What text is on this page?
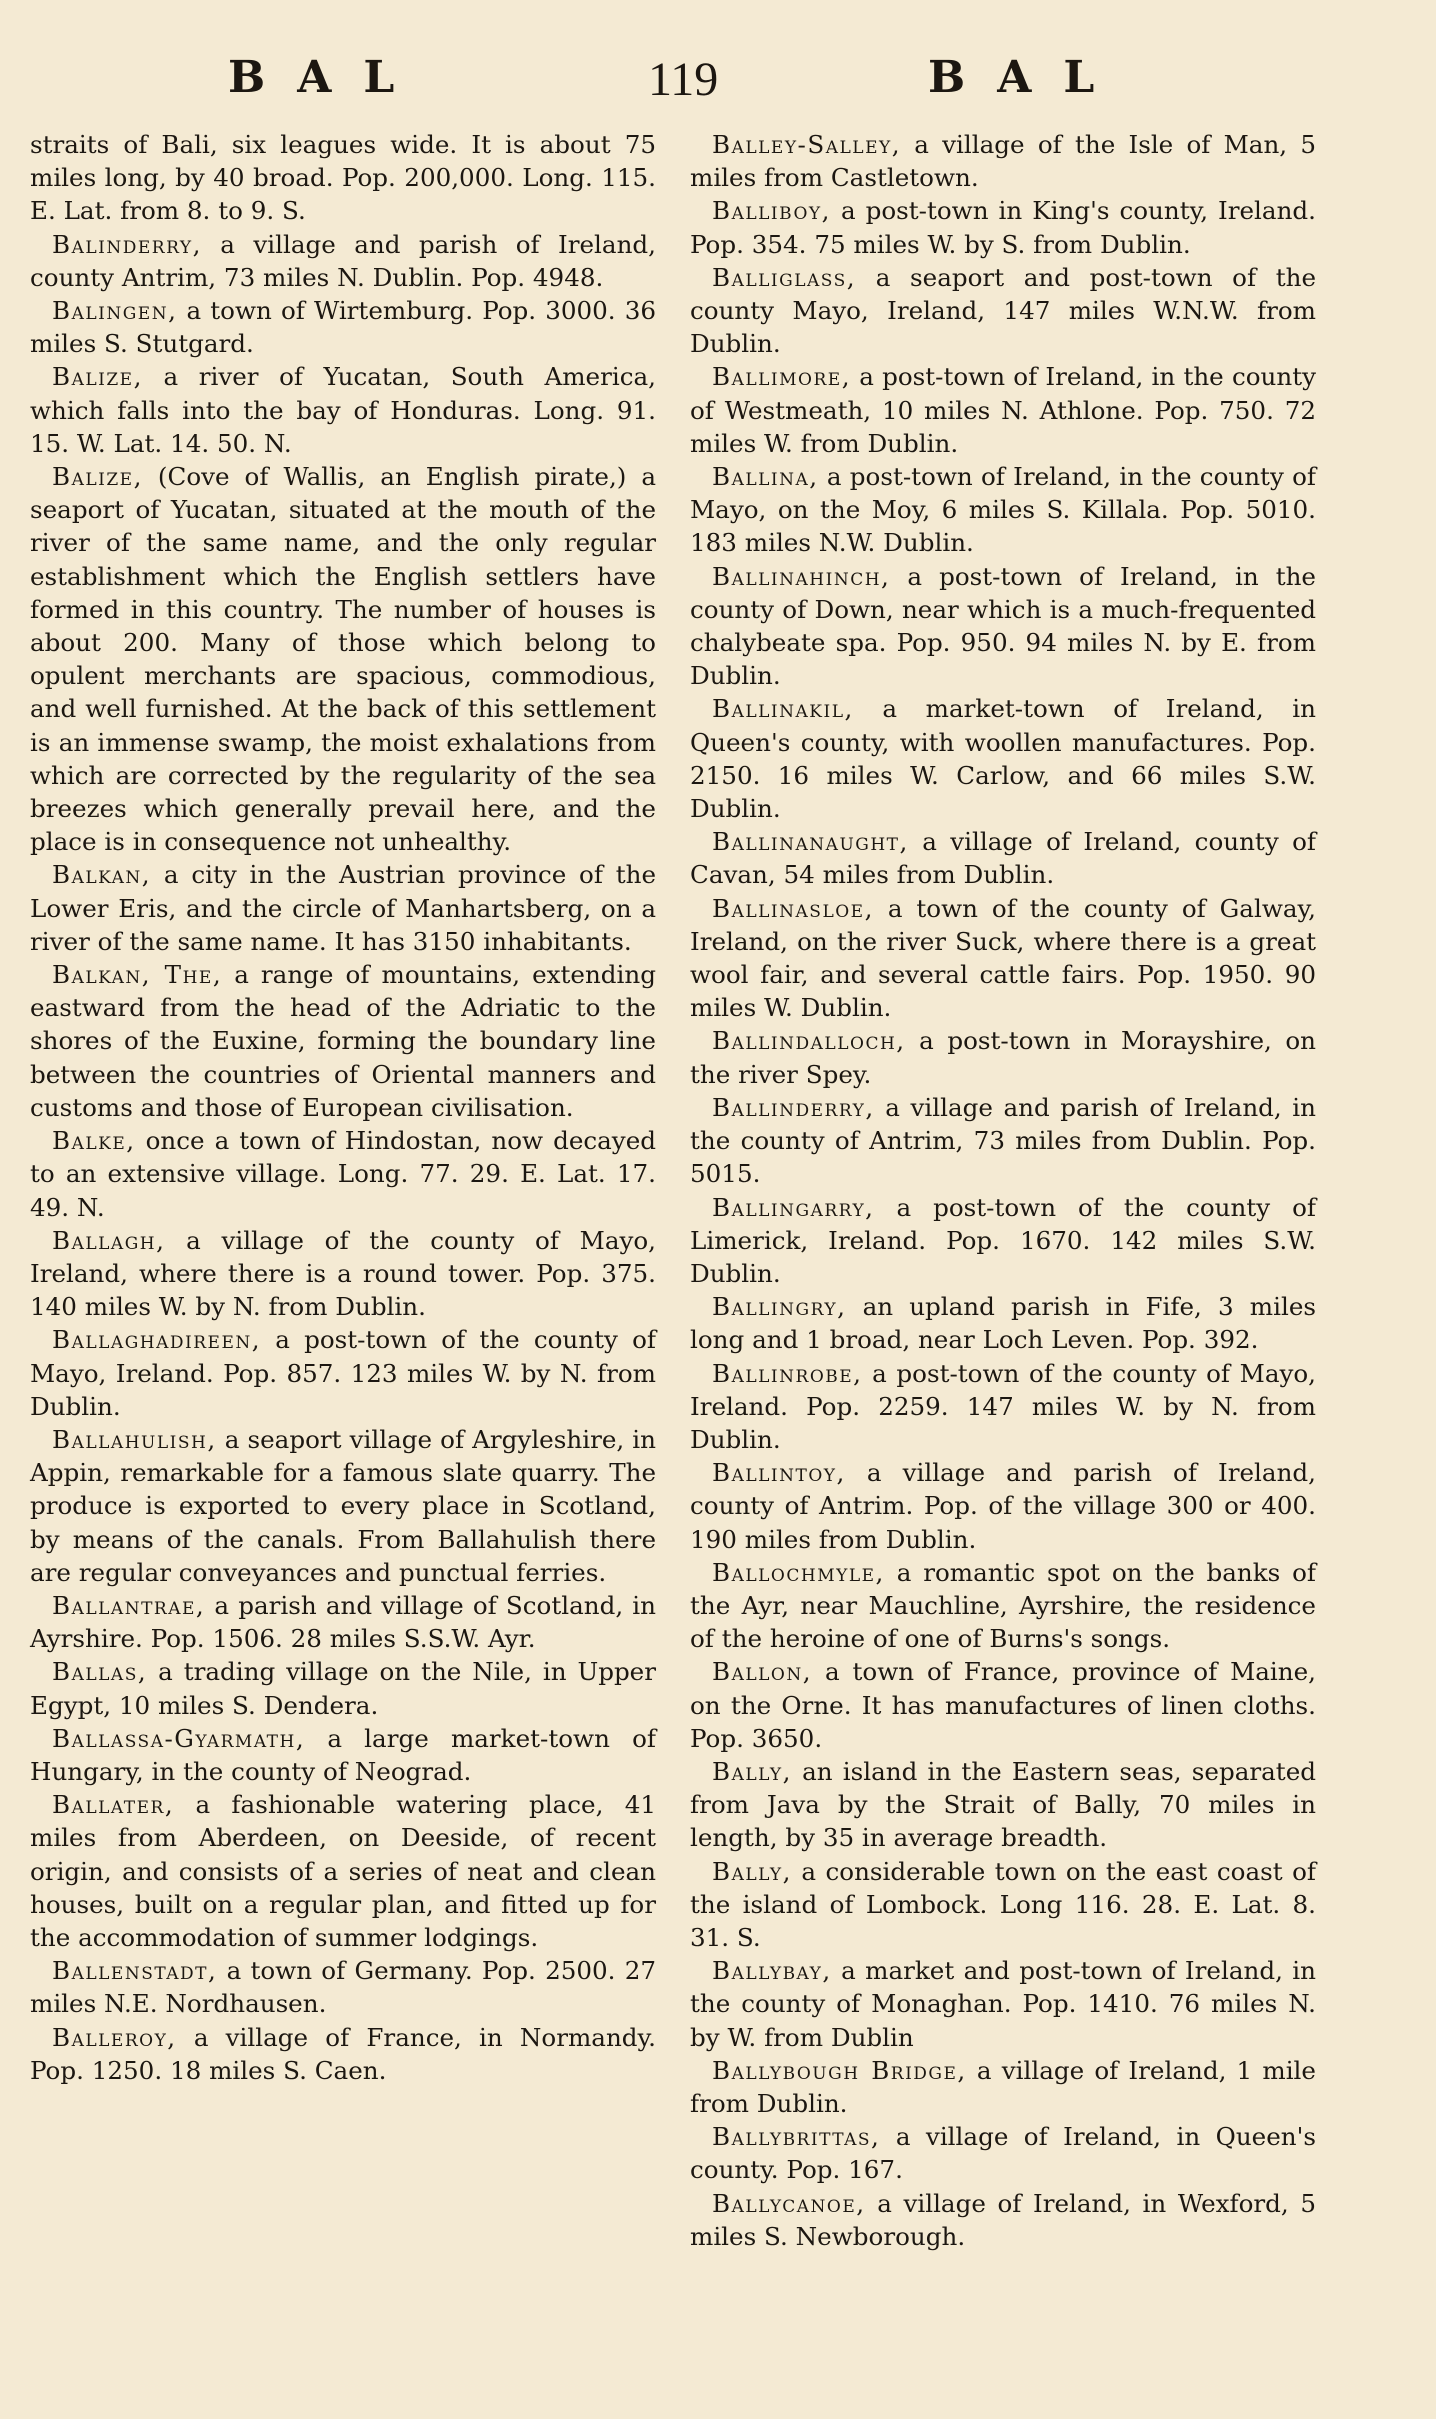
BAL	119	BAL

straits of Bali, six leagues wide. It is about 75 miles long, by 40 broad. Pop. 200,000. Long. 115. E. Lat. from 8. to 9. S.

Balinderry, a village and parish of Ireland, county Antrim, 73 miles N. Dublin. Pop. 4948.

Balingen, a town of Wirtemburg. Pop. 3000. 36 miles S. Stutgard.

Balize, a river of Yucatan, South America, which falls into the bay of Honduras. Long. 91. 15. W. Lat. 14. 50. N.

Balize, (Cove of Wallis, an English pirate,) a seaport of Yucatan, situated at the mouth of the river of the same name, and the only regular establishment which the English settlers have formed in this country. The number of houses is about 200. Many of those which belong to opulent merchants are spacious, commodious, and well furnished. At the back of this settlement is an immense swamp, the moist exhalations from which are corrected by the regularity of the sea breezes which generally prevail here, and the place is in consequence not unhealthy.

Balkan, a city in the Austrian province of the Lower Eris, and the circle of Manhartsberg, on a river of the same name. It has 3150 inhabitants.

Balkan, The, a range of mountains, extending eastward from the head of the Adriatic to the shores of the Euxine, forming the boundary line between the countries of Oriental manners and customs and those of European civilisation.

Balke, once a town of Hindostan, now decayed to an extensive village. Long. 77. 29. E. Lat. 17. 49. N.

Ballagh, a village of the county of Mayo, Ireland, where there is a round tower. Pop. 375. 140 miles W. by N. from Dublin.

Ballaghadireen, a post-town of the county of Mayo, Ireland. Pop. 857. 123 miles W. by N. from Dublin.

Ballahulish, a seaport village of Argyleshire, in Appin, remarkable for a famous slate quarry. The produce is exported to every place in Scotland, by means of the canals. From Ballahulish there are regular conveyances and punctual ferries.

Ballantrae, a parish and village of Scotland, in Ayrshire. Pop. 1506. 28 miles S.S.W. Ayr.

Ballas, a trading village on the Nile, in Upper Egypt, 10 miles S. Dendera.

Ballassa-Gyarmath, a large market-town of Hungary, in the county of Neograd.

Ballater, a fashionable watering place, 41 miles from Aberdeen, on Deeside, of recent origin, and consists of a series of neat and clean houses, built on a regular plan, and fitted up for the accommodation of summer lodgings.

Ballenstadt, a town of Germany. Pop. 2500. 27 miles N.E. Nordhausen.

Balleroy, a village of France, in Normandy. Pop. 1250. 18 miles S. Caen.

Balley-Salley, a village of the Isle of Man, 5 miles from Castletown.

Balliboy, a post-town in King's county, Ireland. Pop. 354. 75 miles W. by S. from Dublin.

Balliglass, a seaport and post-town of the county Mayo, Ireland, 147 miles W.N.W. from Dublin.

Ballimore, a post-town of Ireland, in the county of Westmeath, 10 miles N. Athlone. Pop. 750. 72 miles W. from Dublin.

Ballina, a post-town of Ireland, in the county of Mayo, on the Moy, 6 miles S. Killala. Pop. 5010. 183 miles N.W. Dublin.

Ballinahinch, a post-town of Ireland, in the county of Down, near which is a much-frequented chalybeate spa. Pop. 950. 94 miles N. by E. from Dublin.

Ballinakil, a market-town of Ireland, in Queen's county, with woollen manufactures. Pop. 2150. 16 miles W. Carlow, and 66 miles S.W. Dublin.

Ballinanaught, a village of Ireland, county of Cavan, 54 miles from Dublin.

Ballinasloe, a town of the county of Galway, Ireland, on the river Suck, where there is a great wool fair, and several cattle fairs. Pop. 1950. 90 miles W. Dublin.

Ballindalloch, a post-town in Morayshire, on the river Spey.

Ballinderry, a village and parish of Ireland, in the county of Antrim, 73 miles from Dublin. Pop. 5015.

Ballingarry, a post-town of the county of Limerick, Ireland. Pop. 1670. 142 miles S.W. Dublin.

Ballingry, an upland parish in Fife, 3 miles long and 1 broad, near Loch Leven. Pop. 392.

Ballinrobe, a post-town of the county of Mayo, Ireland. Pop. 2259. 147 miles W. by N. from Dublin.

Ballintoy, a village and parish of Ireland, county of Antrim. Pop. of the village 300 or 400. 190 miles from Dublin.

Ballochmyle, a romantic spot on the banks of the Ayr, near Mauchline, Ayrshire, the residence of the heroine of one of Burns's songs.

Ballon, a town of France, province of Maine, on the Orne. It has manufactures of linen cloths. Pop. 3650.

Bally, an island in the Eastern seas, separated from Java by the Strait of Bally, 70 miles in length, by 35 in average breadth.

Bally, a considerable town on the east coast of the island of Lombock. Long 116. 28. E. Lat. 8. 31. S.

Ballybay, a market and post-town of Ireland, in the county of Monaghan. Pop. 1410. 76 miles N. by W. from Dublin

Ballybough Bridge, a village of Ireland, 1 mile from Dublin.

Ballybrittas, a village of Ireland, in Queen's county. Pop. 167.

Ballycanoe, a village of Ireland, in Wexford, 5 miles S. Newborough.
